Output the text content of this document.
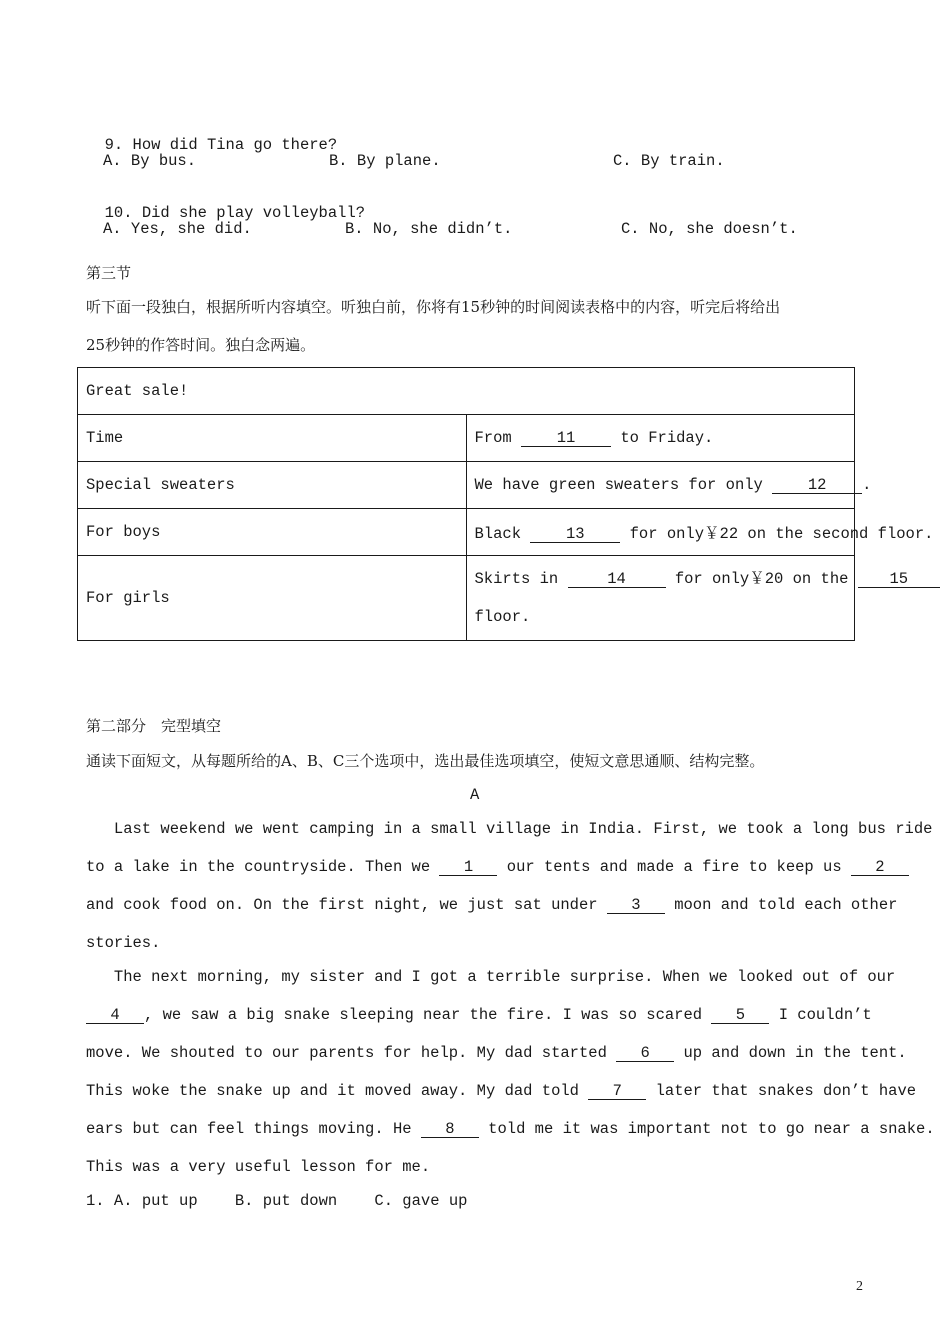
9. How did Tina go there?

A. By bus.	B. By plane.	C. By train.

10. Did she play volleyball?

A. Yes, she did.	B. No, she didn’t.	C. No, she doesn’t.
第三节
听下面一段独白，根据所听内容填空。听独白前，你将有15秒钟的时间阅读表格中的内容，听完后将给出
25秒钟的作答时间。独白念两遍。
Great sale!	
Time	From 11 to Friday.
Special sweaters	We have green sweaters for only 12 .
For boys	Black 13 for only￥22 on the second floor.
For girls	Skirts in 14 for only￥20 on the 15
floor.
第二部分　完型填空
通读下面短文，从每题所给的A、B、C三个选项中，选出最佳选项填空，使短文意思通顺、结构完整。
A
Last weekend we went camping in a small village in India. First, we took a long bus ride
to a lake in the countryside. Then we 1 our tents and made a fire to keep us 2
and cook food on. On the first night, we just sat under 3 moon and told each other
stories.
The next morning, my sister and I got a terrible surprise. When we looked out of our
4 , we saw a big snake sleeping near the fire. I was so scared 5 I couldn’t
move. We shouted to our parents for help. My dad started 6 up and down in the tent.
This woke the snake up and it moved away. My dad told 7 later that snakes don’t have
ears but can feel things moving. He 8 told me it was important not to go near a snake.
This was a very useful lesson for me.
1. A. put up B. put down C. gave up
2
